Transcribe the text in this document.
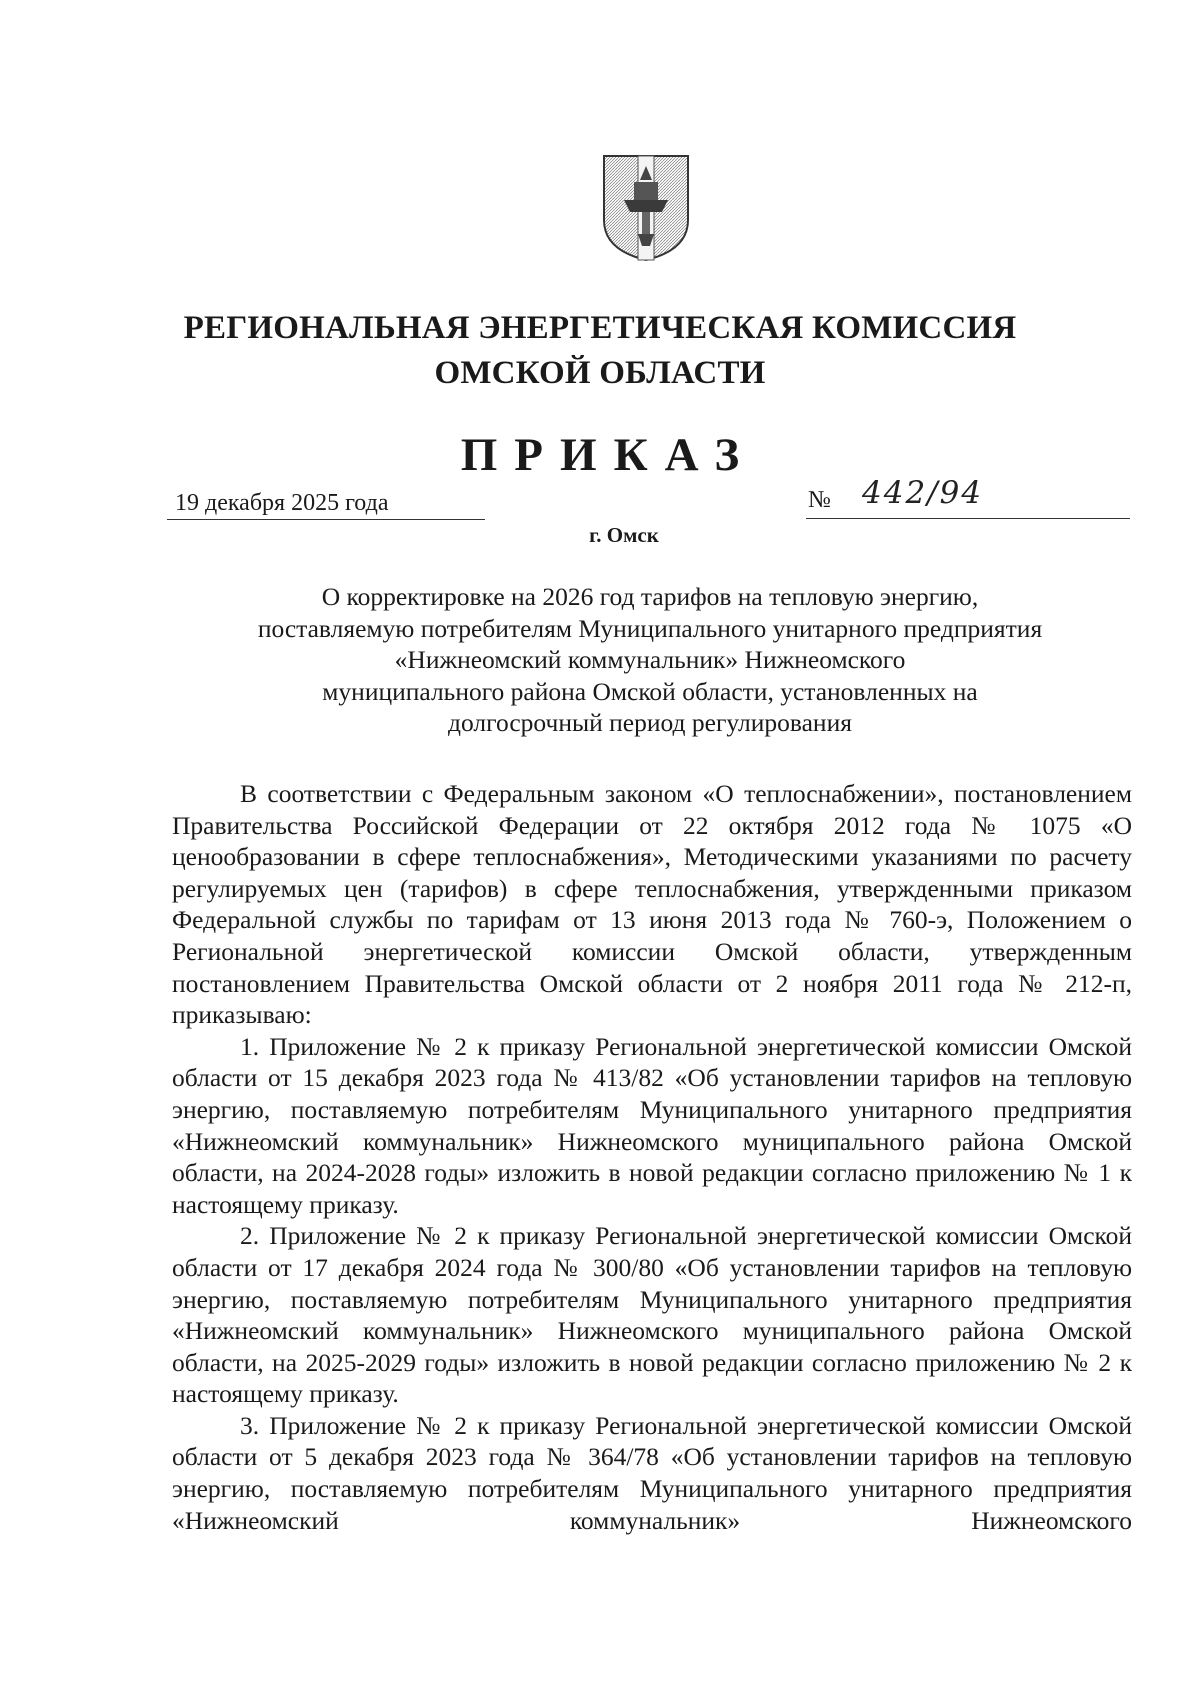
РЕГИОНАЛЬНАЯ ЭНЕРГЕТИЧЕСКАЯ КОМИССИЯ
ОМСКОЙ ОБЛАСТИ
ПРИКАЗ
19 декабря 2025 года	№ 442/94
г. Омск
О корректировке на 2026 год тарифов на тепловую энергию,
поставляемую потребителям Муниципального унитарного предприятия
«Нижнеомский коммунальник» Нижнеомского
муниципального района Омской области, установленных на
долгосрочный период регулирования
В соответствии с Федеральным законом «О теплоснабжении», постановлением Правительства Российской Федерации от 22 октября 2012 года № 1075 «О ценообразовании в сфере теплоснабжения», Методическими указаниями по расчету регулируемых цен (тарифов) в сфере теплоснабжения, утвержденными приказом Федеральной службы по тарифам от 13 июня 2013 года № 760-э, Положением о Региональной энергетической комиссии Омской области, утвержденным постановлением Правительства Омской области от 2 ноября 2011 года № 212-п, приказываю:
1. Приложение № 2 к приказу Региональной энергетической комиссии Омской области от 15 декабря 2023 года № 413/82 «Об установлении тарифов на тепловую энергию, поставляемую потребителям Муниципального унитарного предприятия «Нижнеомский коммунальник» Нижнеомского муниципального района Омской области, на 2024-2028 годы» изложить в новой редакции согласно приложению № 1 к настоящему приказу.
2. Приложение № 2 к приказу Региональной энергетической комиссии Омской области от 17 декабря 2024 года № 300/80 «Об установлении тарифов на тепловую энергию, поставляемую потребителям Муниципального унитарного предприятия «Нижнеомский коммунальник» Нижнеомского муниципального района Омской области, на 2025-2029 годы» изложить в новой редакции согласно приложению № 2 к настоящему приказу.
3. Приложение № 2 к приказу Региональной энергетической комиссии Омской области от 5 декабря 2023 года № 364/78 «Об установлении тарифов на тепловую энергию, поставляемую потребителям Муниципального унитарного предприятия «Нижнеомский коммунальник» Нижнеомского
